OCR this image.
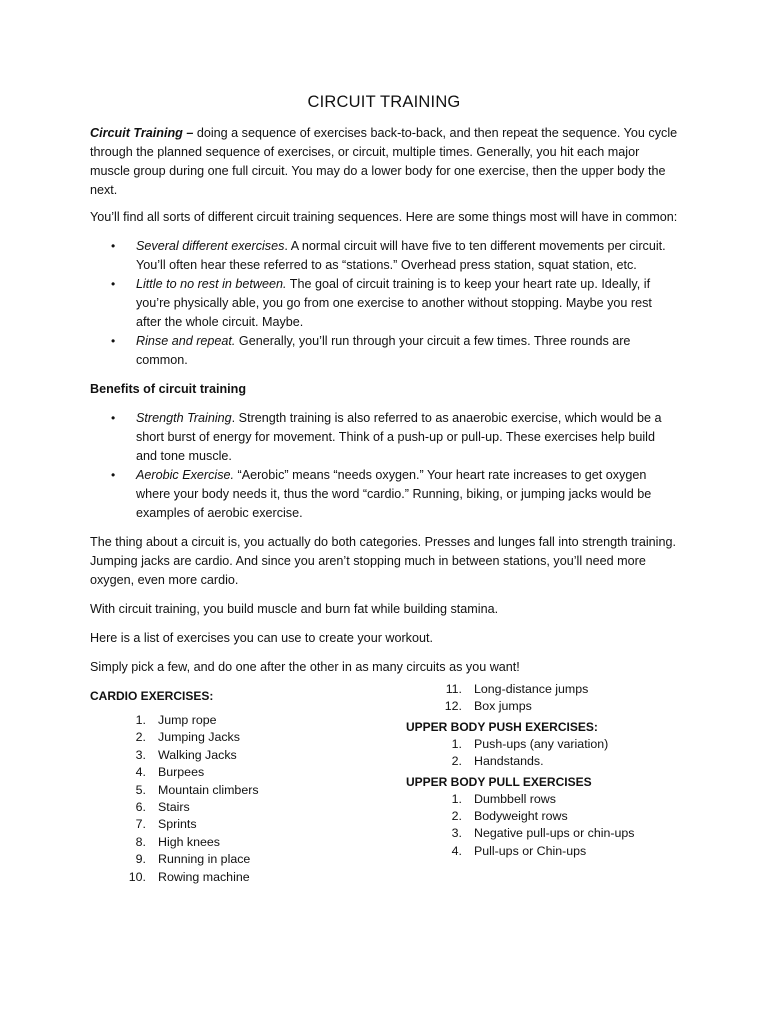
CIRCUIT TRAINING

Circuit Training – doing a sequence of exercises back-to-back, and then repeat the sequence. You cycle through the planned sequence of exercises, or circuit, multiple times. Generally, you hit each major muscle group during one full circuit. You may do a lower body for one exercise, then the upper body the next.

You’ll find all sorts of different circuit training sequences. Here are some things most will have in common:

• Several different exercises. A normal circuit will have five to ten different movements per circuit. You’ll often hear these referred to as “stations.” Overhead press station, squat station, etc.
• Little to no rest in between. The goal of circuit training is to keep your heart rate up. Ideally, if you’re physically able, you go from one exercise to another without stopping. Maybe you rest after the whole circuit. Maybe.
• Rinse and repeat. Generally, you’ll run through your circuit a few times. Three rounds are common.

Benefits of circuit training

• Strength Training. Strength training is also referred to as anaerobic exercise, which would be a short burst of energy for movement. Think of a push-up or pull-up. These exercises help build and tone muscle.
• Aerobic Exercise. “Aerobic” means “needs oxygen.” Your heart rate increases to get oxygen where your body needs it, thus the word “cardio.” Running, biking, or jumping jacks would be examples of aerobic exercise.

The thing about a circuit is, you actually do both categories. Presses and lunges fall into strength training. Jumping jacks are cardio. And since you aren’t stopping much in between stations, you’ll need more oxygen, even more cardio.

With circuit training, you build muscle and burn fat while building stamina.

Here is a list of exercises you can use to create your workout.

Simply pick a few, and do one after the other in as many circuits as you want!

CARDIO EXERCISES:
1. Jump rope
2. Jumping Jacks
3. Walking Jacks
4. Burpees
5. Mountain climbers
6. Stairs
7. Sprints
8. High knees
9. Running in place
10. Rowing machine
11. Long-distance jumps
12. Box jumps
UPPER BODY PUSH EXERCISES:
1. Push-ups (any variation)
2. Handstands.
UPPER BODY PULL EXERCISES
1. Dumbbell rows
2. Bodyweight rows
3. Negative pull-ups or chin-ups
4. Pull-ups or Chin-ups
